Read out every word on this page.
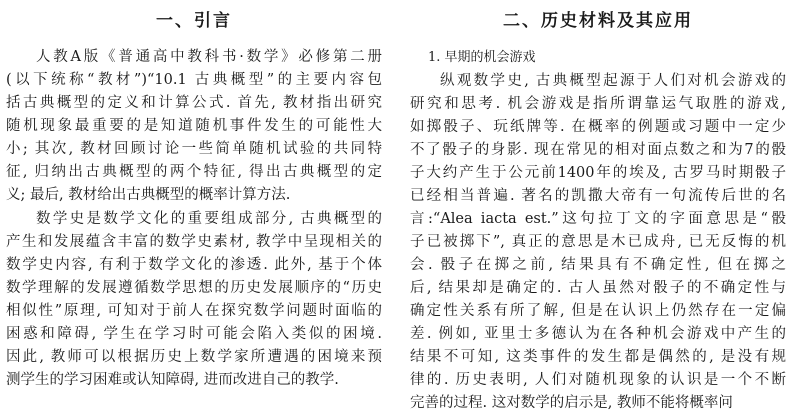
一、引言
人教A版《普通高中教科书·数学》必修第二册
(以下统称“教材”)“10.1 古典概型”的主要内容包
括古典概型的定义和计算公式. 首先, 教材指出研究
随机现象最重要的是知道随机事件发生的可能性大
小; 其次, 教材回顾讨论一些简单随机试验的共同特
征, 归纳出古典概型的两个特征, 得出古典概型的定
义; 最后, 教材给出古典概型的概率计算方法.
数学史是数学文化的重要组成部分, 古典概型的
产生和发展蕴含丰富的数学史素材, 教学中呈现相关的
数学史内容, 有利于数学文化的渗透. 此外, 基于个体
数学理解的发展遵循数学思想的历史发展顺序的“历史
相似性”原理, 可知对于前人在探究数学问题时面临的
困惑和障碍, 学生在学习时可能会陷入类似的困境.
因此, 教师可以根据历史上数学家所遭遇的困境来预
测学生的学习困难或认知障碍, 进而改进自己的教学.
二、历史材料及其应用
1. 早期的机会游戏
纵观数学史, 古典概型起源于人们对机会游戏的
研究和思考. 机会游戏是指所谓靠运气取胜的游戏,
如掷骰子、玩纸牌等. 在概率的例题或习题中一定少
不了骰子的身影. 现在常见的相对面点数之和为7的骰
子大约产生于公元前1400年的埃及, 古罗马时期骰子
已经相当普遍. 著名的凯撒大帝有一句流传后世的名
言:“Alea iacta est.”这句拉丁文的字面意思是“骰
子已被掷下”, 真正的意思是木已成舟, 已无反悔的机
会. 骰子在掷之前, 结果具有不确定性, 但在掷之
后, 结果却是确定的. 古人虽然对骰子的不确定性与
确定性关系有所了解, 但是在认识上仍然存在一定偏
差. 例如, 亚里士多德认为在各种机会游戏中产生的
结果不可知, 这类事件的发生都是偶然的, 是没有规
律的. 历史表明, 人们对随机现象的认识是一个不断
完善的过程. 这对数学的启示是, 教师不能将概率问
